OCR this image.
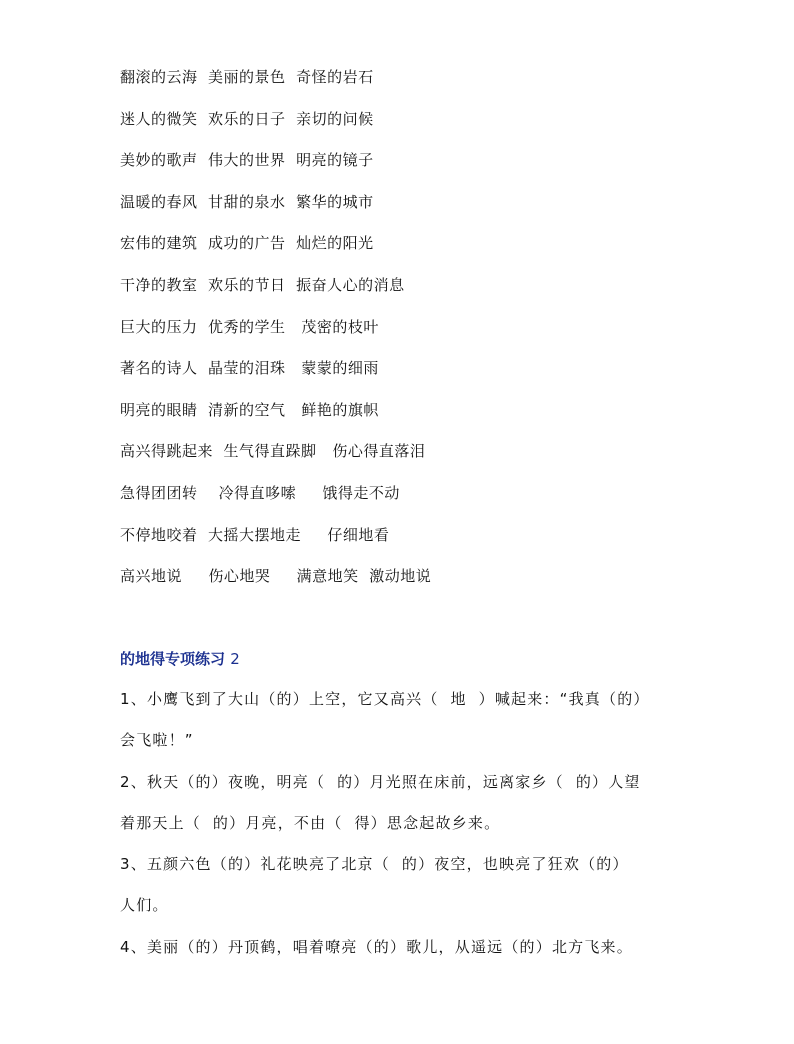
翻滚的云海  美丽的景色  奇怪的岩石
迷人的微笑  欢乐的日子  亲切的问候
美妙的歌声  伟大的世界  明亮的镜子
温暖的春风  甘甜的泉水  繁华的城市
宏伟的建筑  成功的广告  灿烂的阳光
干净的教室  欢乐的节日  振奋人心的消息
巨大的压力  优秀的学生   茂密的枝叶
著名的诗人  晶莹的泪珠   蒙蒙的细雨
明亮的眼睛  清新的空气   鲜艳的旗帜
高兴得跳起来  生气得直跺脚   伤心得直落泪
急得团团转    冷得直哆嗦     饿得走不动
不停地咬着  大摇大摆地走     仔细地看
高兴地说     伤心地哭     满意地笑  激动地说
的地得专项练习 2
1、小鹰飞到了大山（的）上空，它又高兴（  地  ）喊起来：“我真（的）
会飞啦！”
2、秋天（的）夜晚，明亮（  的）月光照在床前，远离家乡（  的）人望
着那天上（  的）月亮，不由（  得）思念起故乡来。
3、五颜六色（的）礼花映亮了北京（  的）夜空，也映亮了狂欢（的）
人们。
4、美丽（的）丹顶鹤，唱着嘹亮（的）歌儿，从遥远（的）北方飞来。
